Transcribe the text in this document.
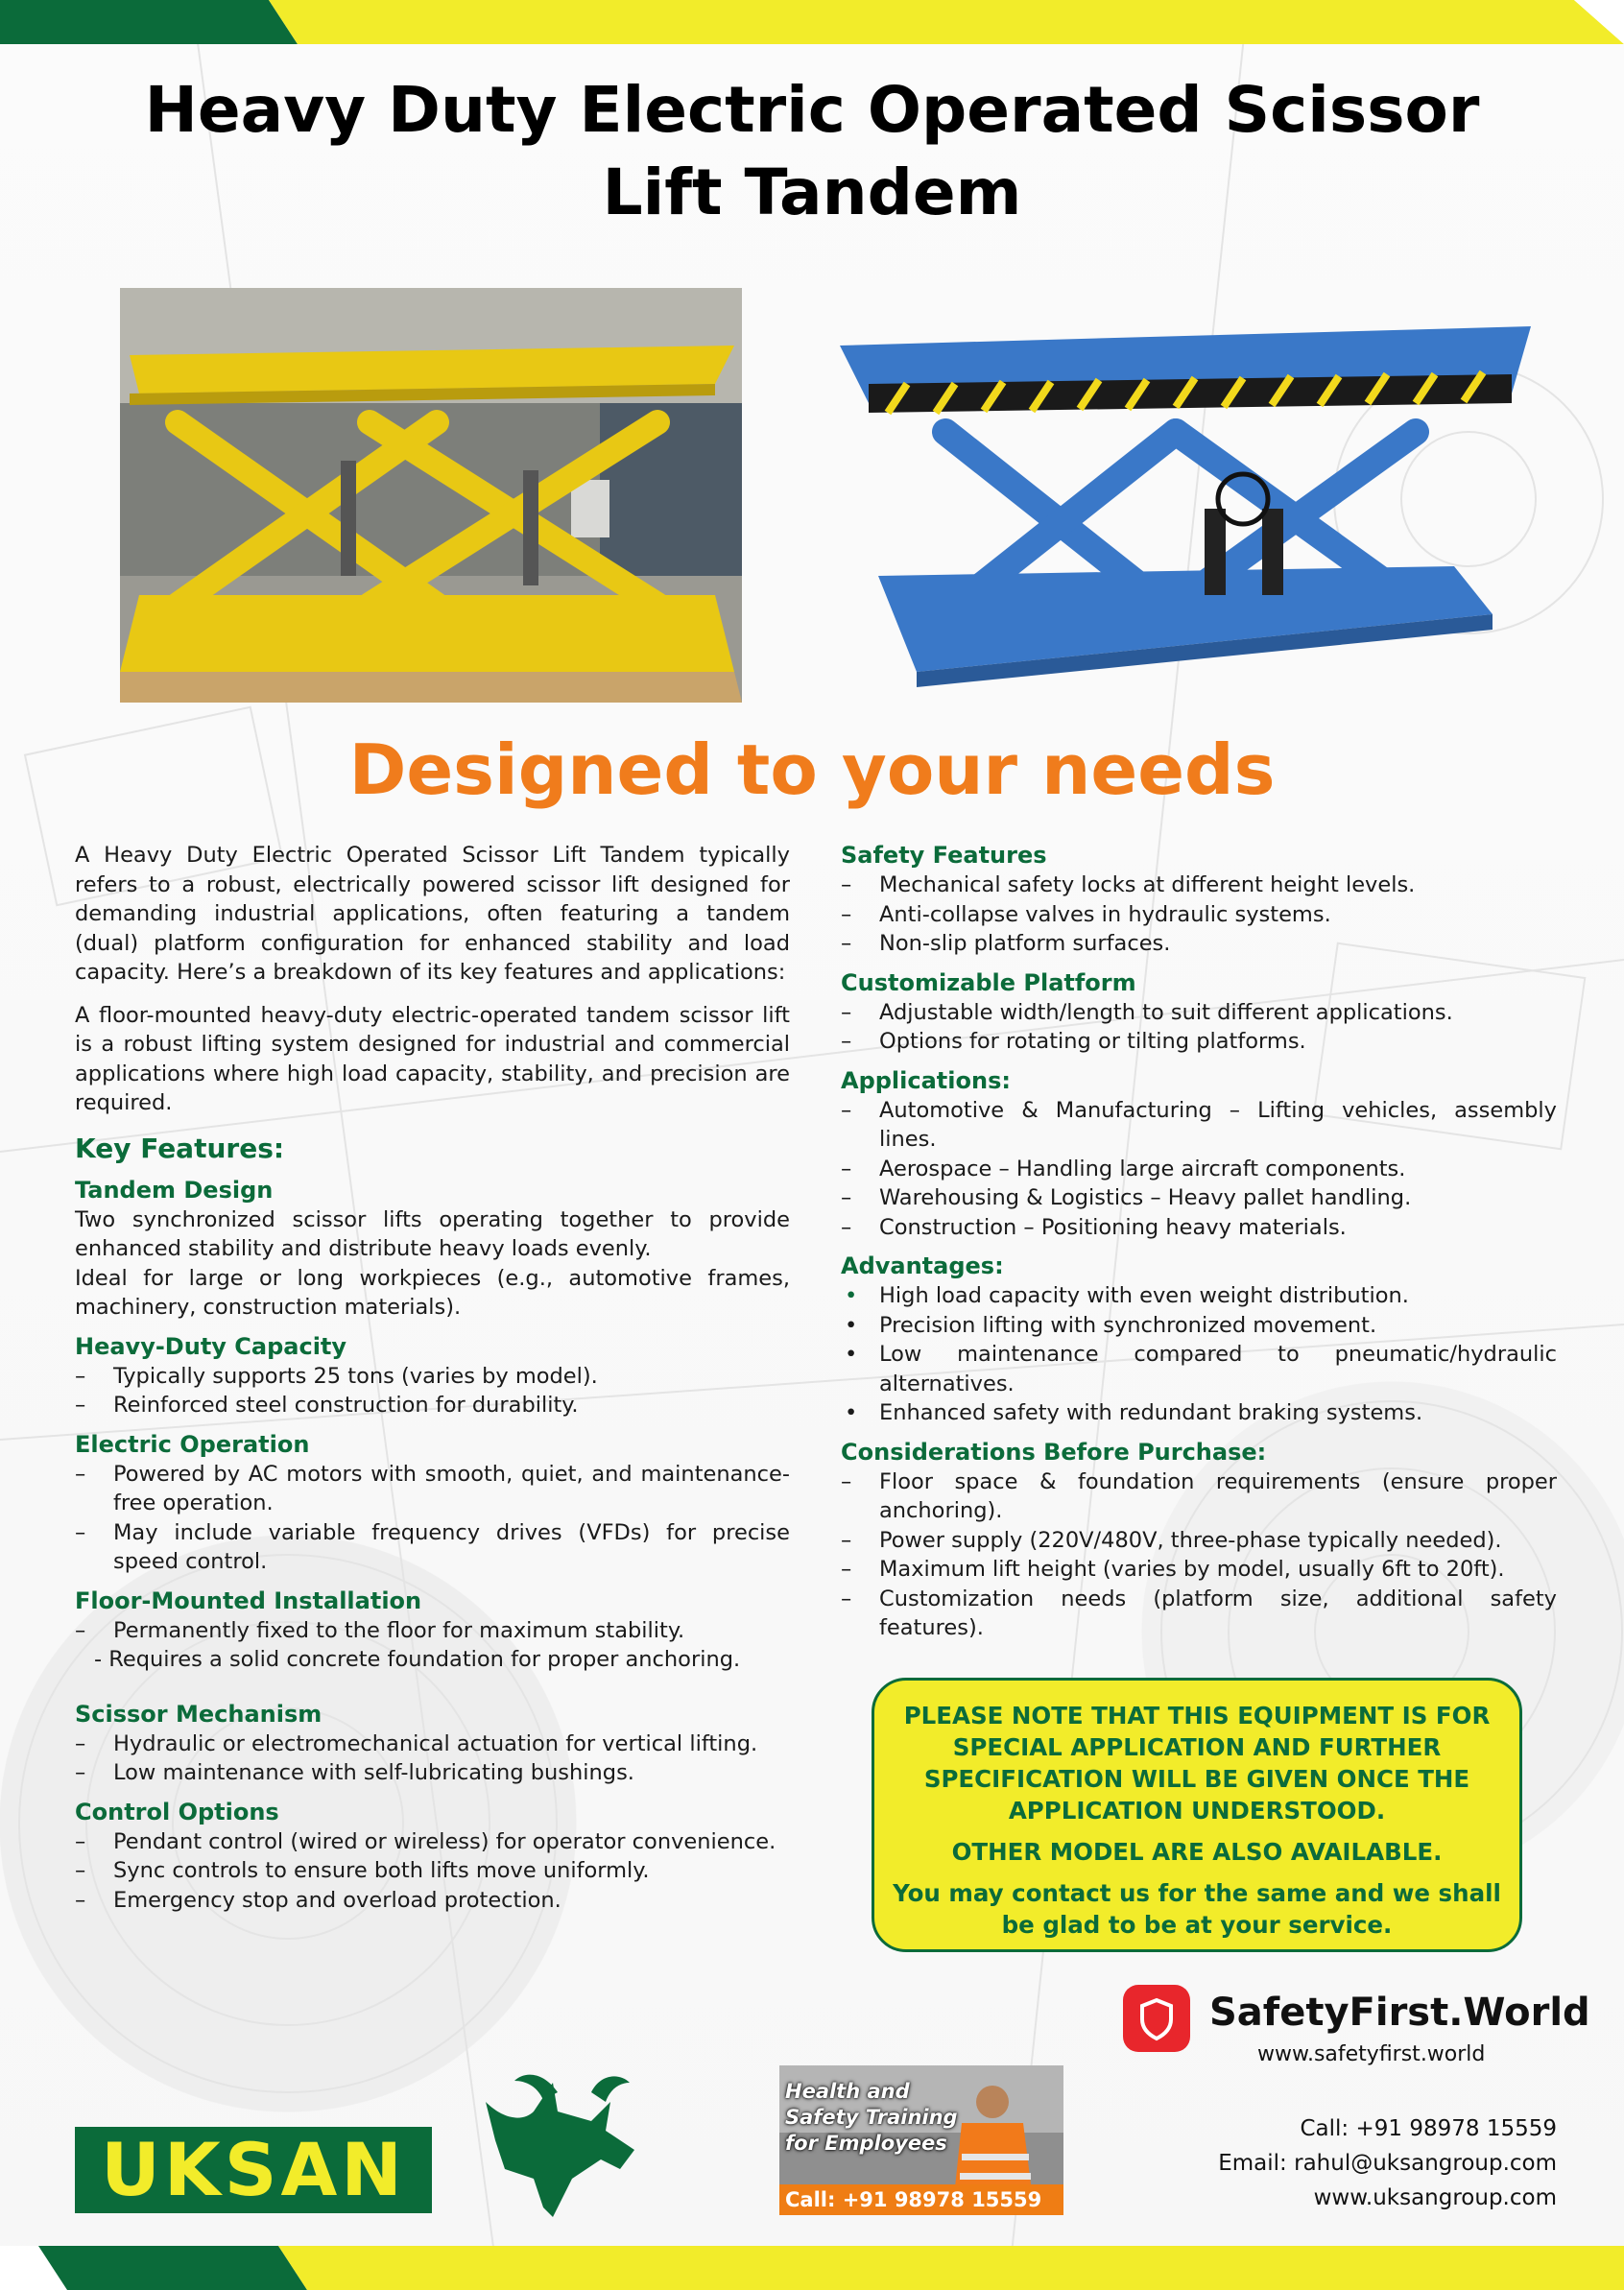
Heavy Duty Electric Operated Scissor
Lift Tandem
Designed to your needs

A Heavy Duty Electric Operated Scissor Lift Tandem typically refers to a robust, electrically powered scissor lift designed for demanding industrial applications, often featuring a tandem (dual) platform configuration for enhanced stability and load capacity. Here’s a breakdown of its key features and applications:

A floor-mounted heavy-duty electric-operated tandem scissor lift is a robust lifting system designed for industrial and commercial applications where high load capacity, stability, and precision are required.

Key Features:
Tandem Design

Two synchronized scissor lifts operating together to provide enhanced stability and distribute heavy loads evenly.

Ideal for large or long workpieces (e.g., automotive frames, machinery, construction materials).

Heavy-Duty Capacity
–	Typically supports 25 tons (varies by model).
–	Reinforced steel construction for durability.
Electric Operation
–	Powered by AC motors with smooth, quiet, and maintenance-free operation.
–	May include variable frequency drives (VFDs) for precise speed control.
Floor-Mounted Installation
–	Permanently fixed to the floor for maximum stability.

- Requires a solid concrete foundation for proper anchoring.

Scissor Mechanism
–	Hydraulic or electromechanical actuation for vertical lifting.
–	Low maintenance with self-lubricating bushings.
Control Options
–	Pendant control (wired or wireless) for operator convenience.
–	Sync controls to ensure both lifts move uniformly.
–	Emergency stop and overload protection.
Safety Features
–	Mechanical safety locks at different height levels.
–	Anti-collapse valves in hydraulic systems.
–	Non-slip platform surfaces.
Customizable Platform
–	Adjustable width/length to suit different applications.
–	Options for rotating or tilting platforms.
Applications:
–	Automotive & Manufacturing – Lifting vehicles, assembly lines.
–	Aerospace – Handling large aircraft components.
–	Warehousing & Logistics – Heavy pallet handling.
–	Construction – Positioning heavy materials.
Advantages:
• High load capacity with even weight distribution.
• Precision lifting with synchronized movement.
• Low maintenance compared to pneumatic/hydraulic alternatives.
• Enhanced safety with redundant braking systems.
Considerations Before Purchase:
–	Floor space & foundation requirements (ensure proper anchoring).
–	Power supply (220V/480V, three-phase typically needed).
–	Maximum lift height (varies by model, usually 6ft to 20ft).
–	Customization needs (platform size, additional safety features).

PLEASE NOTE THAT THIS EQUIPMENT IS FOR SPECIAL APPLICATION AND FURTHER SPECIFICATION WILL BE GIVEN ONCE THE APPLICATION UNDERSTOOD.

OTHER MODEL ARE ALSO AVAILABLE.

You may contact us for the same and we shall be glad to be at your service.

SafetyFirst.World
www.safetyfirst.world
UKSAN
Health and Safety Training for Employees
Call: +91 98978 15559

Call: +91 98978 15559

Email: rahul@uksangroup.com

www.uksangroup.com
